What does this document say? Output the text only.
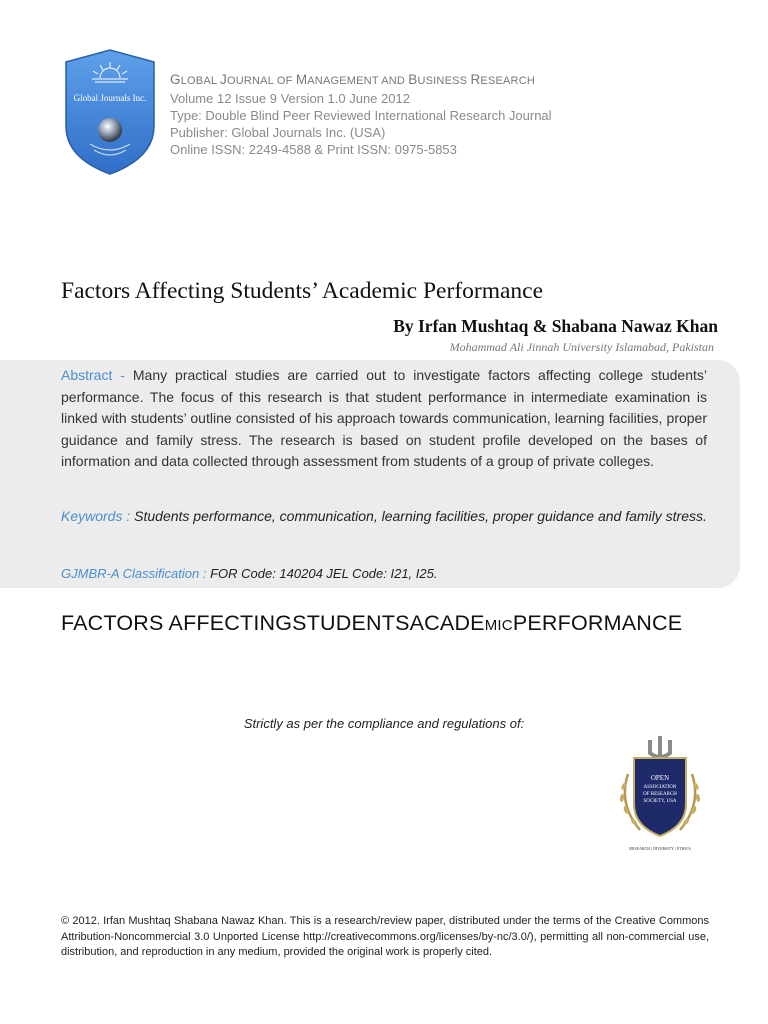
Global Journals Inc.
GLOBAL JOURNAL OF MANAGEMENT AND BUSINESS RESEARCH
Volume 12 Issue 9 Version 1.0 June 2012
Type: Double Blind Peer Reviewed International Research Journal
Publisher: Global Journals Inc. (USA)
Online ISSN: 2249-4588 & Print ISSN: 0975-5853
Factors Affecting Students’ Academic Performance
By Irfan Mushtaq & Shabana Nawaz Khan
Mohammad Ali Jinnah University Islamabad, Pakistan
Abstract - Many practical studies are carried out to investigate factors affecting college students’ performance. The focus of this research is that student performance in intermediate examination is linked with students’ outline consisted of his approach towards communication, learning facilities, proper guidance and family stress. The research is based on student profile developed on the bases of information and data collected through assessment from students of a group of private colleges.
Keywords : Students performance, communication, learning facilities, proper guidance and family stress.
GJMBR-A Classification : FOR Code: 140204 JEL Code: I21, I25.
FACTORS AFFECTINGSTUDENTSACADEMICPERFORMANCE
Strictly as per the compliance and regulations of:
OPEN
ASSOCIATION
OF RESEARCH
SOCIETY, USA
RESEARCH | DIVERSITY | ETHICS
© 2012. Irfan Mushtaq Shabana Nawaz Khan. This is a research/review paper, distributed under the terms of the Creative Commons Attribution-Noncommercial 3.0 Unported License http://creativecommons.org/licenses/by-nc/3.0/), permitting all non-commercial use, distribution, and reproduction in any medium, provided the original work is properly cited.
